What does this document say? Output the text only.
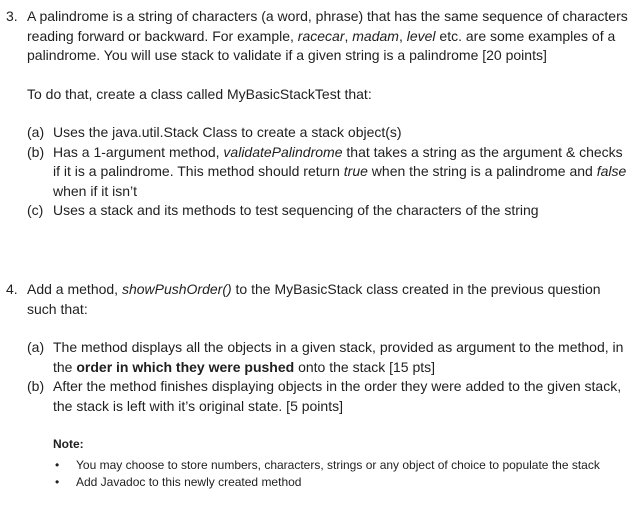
3. A palindrome is a string of characters (a word, phrase) that has the same sequence of characters reading forward or backward. For example, racecar, madam, level etc. are some examples of a palindrome. You will use stack to validate if a given string is a palindrome [20 points]

To do that, create a class called MyBasicStackTest that:

(a) Uses the java.util.Stack Class to create a stack object(s)
(b) Has a 1-argument method, validatePalindrome that takes a string as the argument & checks if it is a palindrome. This method should return true when the string is a palindrome and false when if it isn’t
(c) Uses a stack and its methods to test sequencing of the characters of the string
4. Add a method, showPushOrder() to the MyBasicStack class created in the previous question such that:

(a) The method displays all the objects in a given stack, provided as argument to the method, in the order in which they were pushed onto the stack [15 pts]
(b) After the method finishes displaying objects in the order they were added to the given stack, the stack is left with it’s original state. [5 points]
Note:
• You may choose to store numbers, characters, strings or any object of choice to populate the stack
• Add Javadoc to this newly created method
